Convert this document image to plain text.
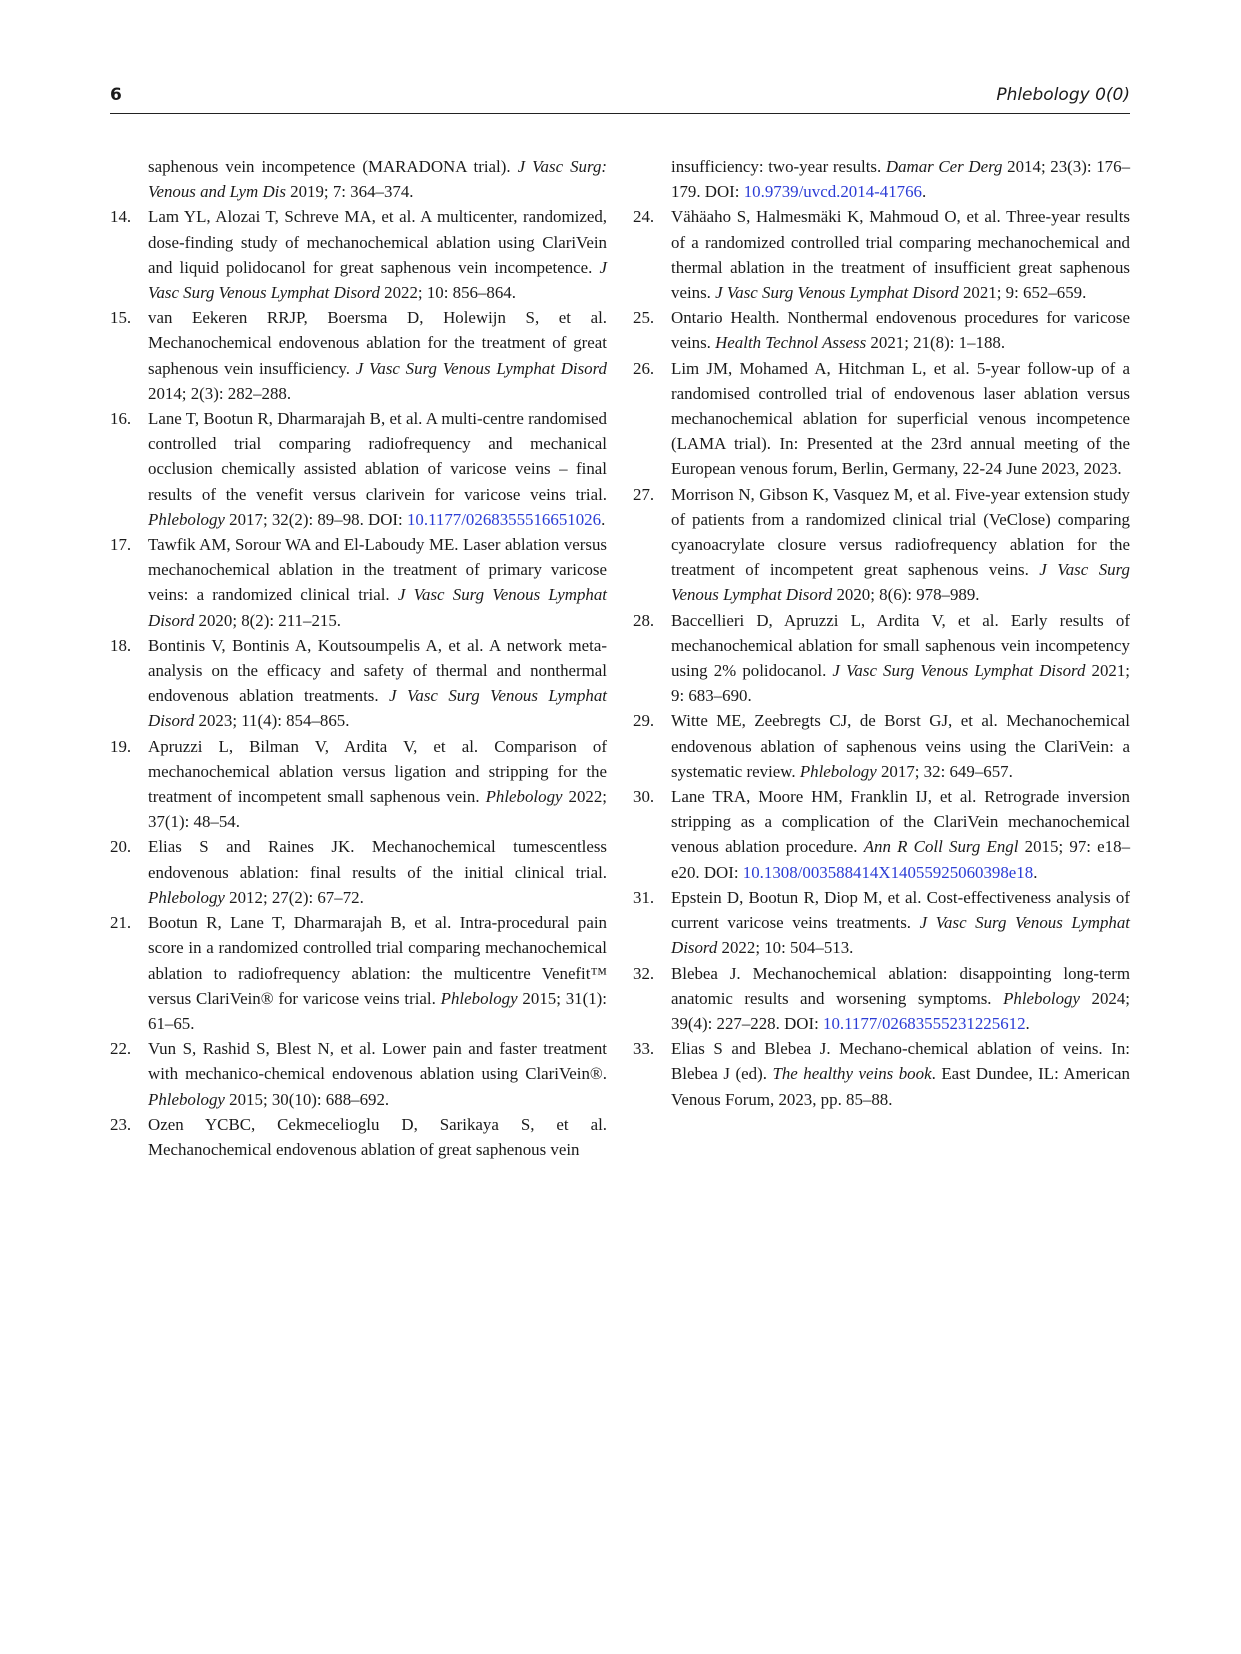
6	Phlebology 0(0)

saphenous vein incompetence (MARADONA trial). J Vasc Surg: Venous and Lym Dis 2019; 7: 364–374.

14. Lam YL, Alozai T, Schreve MA, et al. A multicenter, randomized, dose-finding study of mechanochemical ablation using ClariVein and liquid polidocanol for great saphenous vein incompetence. J Vasc Surg Venous Lymphat Disord 2022; 10: 856–864.

15. van Eekeren RRJP, Boersma D, Holewijn S, et al. Mechanochemical endovenous ablation for the treatment of great saphenous vein insufficiency. J Vasc Surg Venous Lymphat Disord 2014; 2(3): 282–288.

16. Lane T, Bootun R, Dharmarajah B, et al. A multi-centre randomised controlled trial comparing radiofrequency and mechanical occlusion chemically assisted ablation of varicose veins – final results of the venefit versus clarivein for varicose veins trial. Phlebology 2017; 32(2): 89–98. DOI: 10.1177/0268355516651026.

17. Tawfik AM, Sorour WA and El-Laboudy ME. Laser ablation versus mechanochemical ablation in the treatment of primary varicose veins: a randomized clinical trial. J Vasc Surg Venous Lymphat Disord 2020; 8(2): 211–215.

18. Bontinis V, Bontinis A, Koutsoumpelis A, et al. A network meta-analysis on the efficacy and safety of thermal and nonthermal endovenous ablation treatments. J Vasc Surg Venous Lymphat Disord 2023; 11(4): 854–865.

19. Apruzzi L, Bilman V, Ardita V, et al. Comparison of mechanochemical ablation versus ligation and stripping for the treatment of incompetent small saphenous vein. Phlebology 2022; 37(1): 48–54.

20. Elias S and Raines JK. Mechanochemical tumescentless endovenous ablation: final results of the initial clinical trial. Phlebology 2012; 27(2): 67–72.

21. Bootun R, Lane T, Dharmarajah B, et al. Intra-procedural pain score in a randomized controlled trial comparing mechanochemical ablation to radiofrequency ablation: the multicentre Venefit™ versus ClariVein® for varicose veins trial. Phlebology 2015; 31(1): 61–65.

22. Vun S, Rashid S, Blest N, et al. Lower pain and faster treatment with mechanico-chemical endovenous ablation using ClariVein®. Phlebology 2015; 30(10): 688–692.

23. Ozen YCBC, Cekmecelioglu D, Sarikaya S, et al. Mechanochemical endovenous ablation of great saphenous vein

insufficiency: two-year results. Damar Cer Derg 2014; 23(3): 176–179. DOI: 10.9739/uvcd.2014-41766.

24. Vähäaho S, Halmesmäki K, Mahmoud O, et al. Three-year results of a randomized controlled trial comparing mechanochemical and thermal ablation in the treatment of insufficient great saphenous veins. J Vasc Surg Venous Lymphat Disord 2021; 9: 652–659.

25. Ontario Health. Nonthermal endovenous procedures for varicose veins. Health Technol Assess 2021; 21(8): 1–188.

26. Lim JM, Mohamed A, Hitchman L, et al. 5-year follow-up of a randomised controlled trial of endovenous laser ablation versus mechanochemical ablation for superficial venous incompetence (LAMA trial). In: Presented at the 23rd annual meeting of the European venous forum, Berlin, Germany, 22-24 June 2023, 2023.

27. Morrison N, Gibson K, Vasquez M, et al. Five-year extension study of patients from a randomized clinical trial (VeClose) comparing cyanoacrylate closure versus radiofrequency ablation for the treatment of incompetent great saphenous veins. J Vasc Surg Venous Lymphat Disord 2020; 8(6): 978–989.

28. Baccellieri D, Apruzzi L, Ardita V, et al. Early results of mechanochemical ablation for small saphenous vein incompetency using 2% polidocanol. J Vasc Surg Venous Lymphat Disord 2021; 9: 683–690.

29. Witte ME, Zeebregts CJ, de Borst GJ, et al. Mechanochemical endovenous ablation of saphenous veins using the ClariVein: a systematic review. Phlebology 2017; 32: 649–657.

30. Lane TRA, Moore HM, Franklin IJ, et al. Retrograde inversion stripping as a complication of the ClariVein mechanochemical venous ablation procedure. Ann R Coll Surg Engl 2015; 97: e18–e20. DOI: 10.1308/003588414X14055925060398e18.

31. Epstein D, Bootun R, Diop M, et al. Cost-effectiveness analysis of current varicose veins treatments. J Vasc Surg Venous Lymphat Disord 2022; 10: 504–513.

32. Blebea J. Mechanochemical ablation: disappointing long-term anatomic results and worsening symptoms. Phlebology 2024; 39(4): 227–228. DOI: 10.1177/02683555231225612.

33. Elias S and Blebea J. Mechano-chemical ablation of veins. In: Blebea J (ed). The healthy veins book. East Dundee, IL: American Venous Forum, 2023, pp. 85–88.
